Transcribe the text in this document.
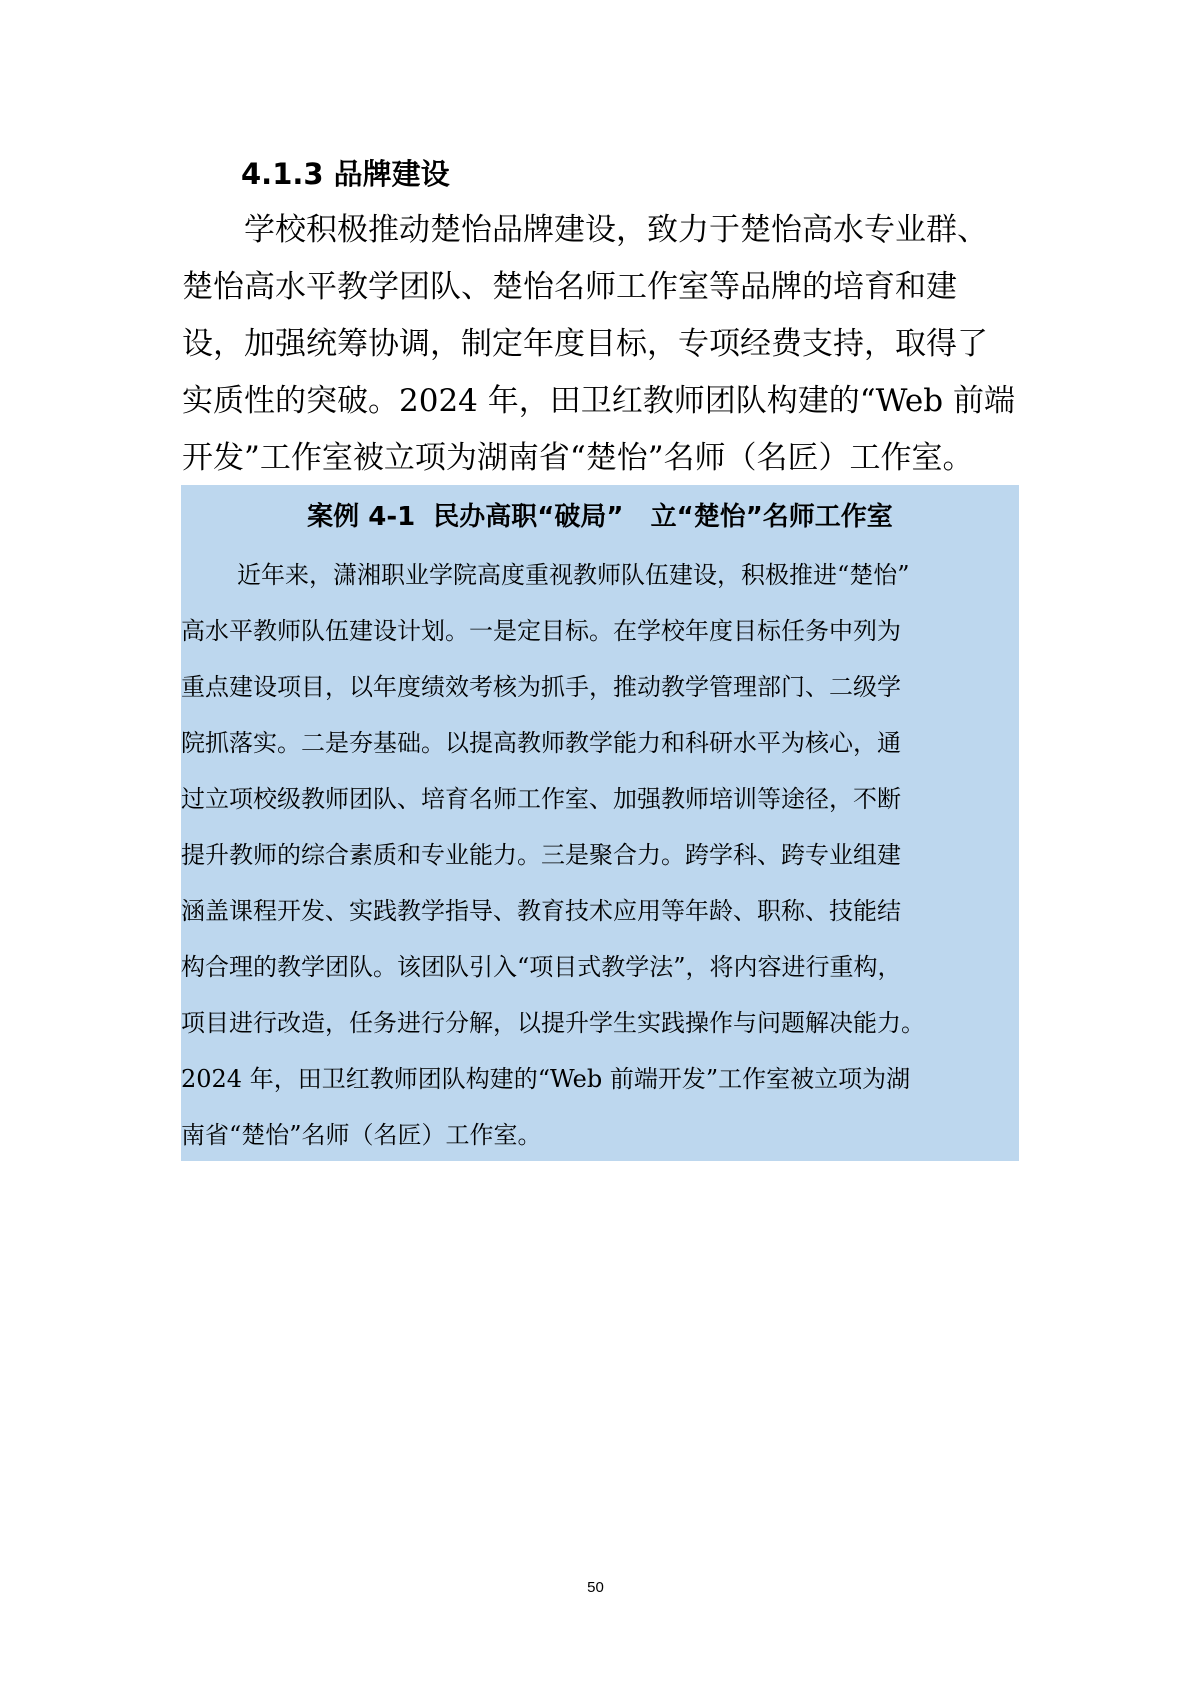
4.1.3 品牌建设
学校积极推动楚怡品牌建设，致力于楚怡高水专业群、
楚怡高水平教学团队、楚怡名师工作室等品牌的培育和建
设，加强统筹协调，制定年度目标，专项经费支持，取得了
实质性的突破。2024 年，田卫红教师团队构建的“Web 前端
开发”工作室被立项为湖南省“楚怡”名师（名匠）工作室。
案例 4-1  民办高职“破局”   立“楚怡”名师工作室
近年来，潇湘职业学院高度重视教师队伍建设，积极推进“楚怡”
高水平教师队伍建设计划。一是定目标。在学校年度目标任务中列为
重点建设项目，以年度绩效考核为抓手，推动教学管理部门、二级学
院抓落实。二是夯基础。以提高教师教学能力和科研水平为核心，通
过立项校级教师团队、培育名师工作室、加强教师培训等途径，不断
提升教师的综合素质和专业能力。三是聚合力。跨学科、跨专业组建
涵盖课程开发、实践教学指导、教育技术应用等年龄、职称、技能结
构合理的教学团队。该团队引入“项目式教学法”，将内容进行重构，
项目进行改造，任务进行分解，以提升学生实践操作与问题解决能力。
2024 年，田卫红教师团队构建的“Web 前端开发”工作室被立项为湖
南省“楚怡”名师（名匠）工作室。
50
